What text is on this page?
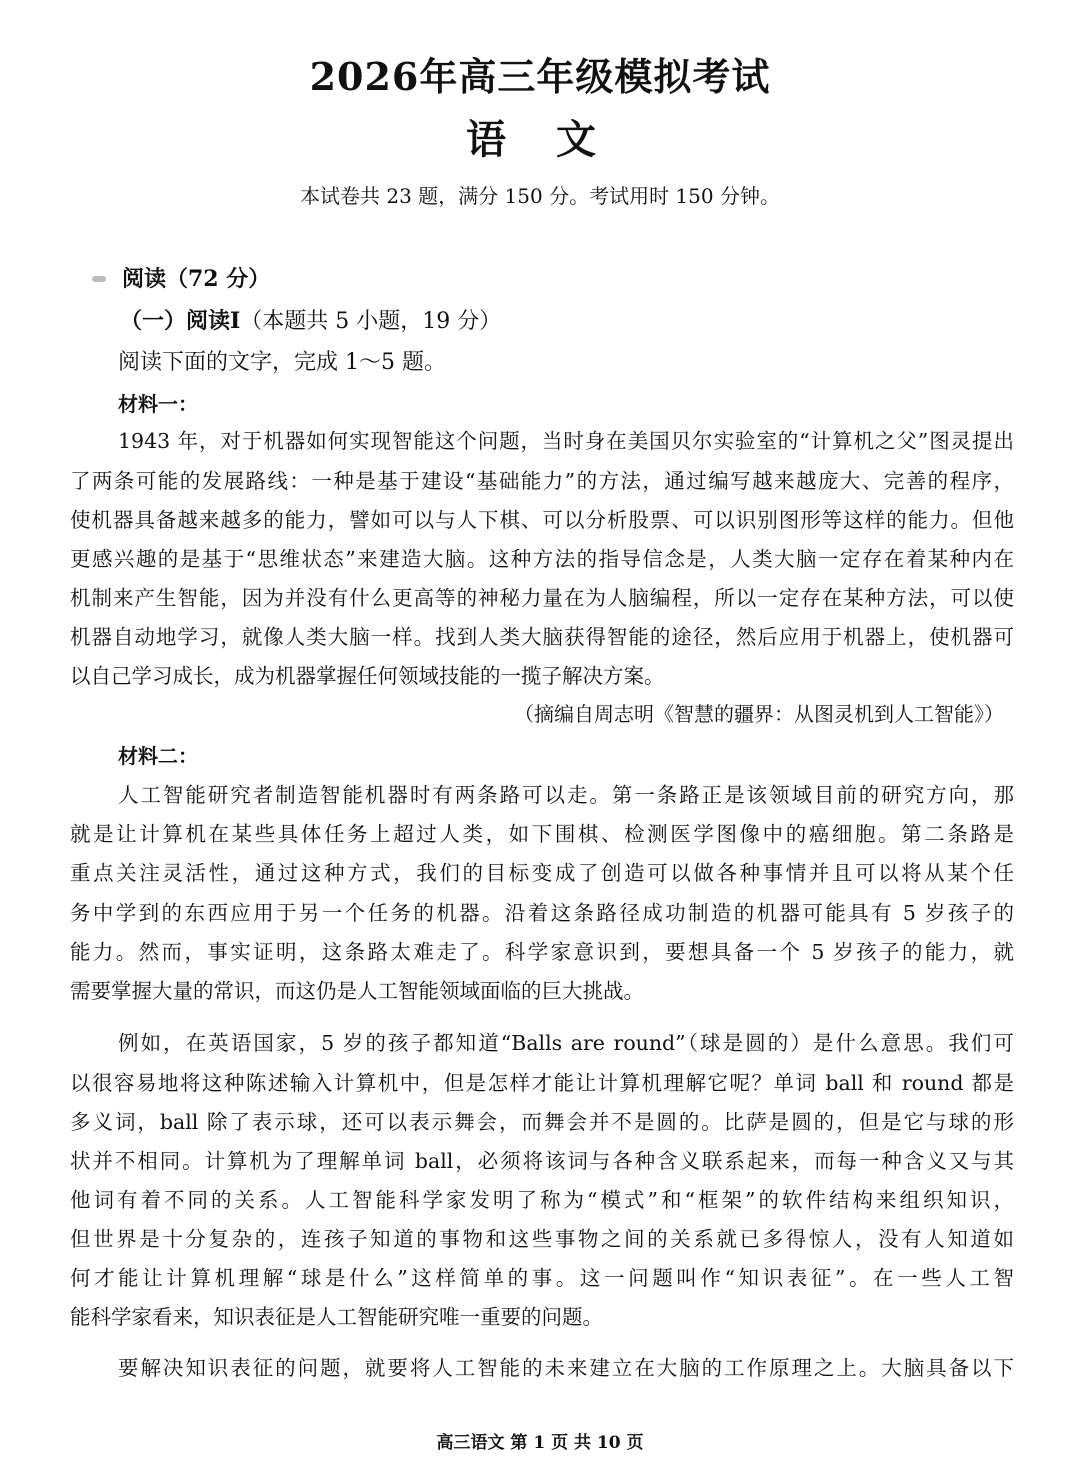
2026年高三年级模拟考试
语 文
本试卷共 23 题，满分 150 分。考试用时 150 分钟。
阅读（72 分）
（一）阅读Ⅰ（本题共 5 小题，19 分）
阅读下面的文字，完成 1～5 题。
材料一：
1943 年，对于机器如何实现智能这个问题，当时身在美国贝尔实验室的“计算机之父”图灵提出
了两条可能的发展路线：一种是基于建设“基础能力”的方法，通过编写越来越庞大、完善的程序，
使机器具备越来越多的能力，譬如可以与人下棋、可以分析股票、可以识别图形等这样的能力。但他
更感兴趣的是基于“思维状态”来建造大脑。这种方法的指导信念是，人类大脑一定存在着某种内在
机制来产生智能，因为并没有什么更高等的神秘力量在为人脑编程，所以一定存在某种方法，可以使
机器自动地学习，就像人类大脑一样。找到人类大脑获得智能的途径，然后应用于机器上，使机器可
以自己学习成长，成为机器掌握任何领域技能的一揽子解决方案。
（摘编自周志明《智慧的疆界：从图灵机到人工智能》）
材料二：
人工智能研究者制造智能机器时有两条路可以走。第一条路正是该领域目前的研究方向，那
就是让计算机在某些具体任务上超过人类，如下围棋、检测医学图像中的癌细胞。第二条路是
重点关注灵活性，通过这种方式，我们的目标变成了创造可以做各种事情并且可以将从某个任
务中学到的东西应用于另一个任务的机器。沿着这条路径成功制造的机器可能具有 5 岁孩子的
能力。然而，事实证明，这条路太难走了。科学家意识到，要想具备一个 5 岁孩子的能力，就
需要掌握大量的常识，而这仍是人工智能领域面临的巨大挑战。
例如，在英语国家，5 岁的孩子都知道“Balls are round”（球是圆的）是什么意思。我们可
以很容易地将这种陈述输入计算机中，但是怎样才能让计算机理解它呢？单词 ball 和 round 都是
多义词，ball 除了表示球，还可以表示舞会，而舞会并不是圆的。比萨是圆的，但是它与球的形
状并不相同。计算机为了理解单词 ball，必须将该词与各种含义联系起来，而每一种含义又与其
他词有着不同的关系。人工智能科学家发明了称为“模式”和“框架”的软件结构来组织知识，
但世界是十分复杂的，连孩子知道的事物和这些事物之间的关系就已多得惊人，没有人知道如
何才能让计算机理解“球是什么”这样简单的事。这一问题叫作“知识表征”。在一些人工智
能科学家看来，知识表征是人工智能研究唯一重要的问题。
要解决知识表征的问题，就要将人工智能的未来建立在大脑的工作原理之上。大脑具备以下
高三语文 第 1 页 共 10 页
